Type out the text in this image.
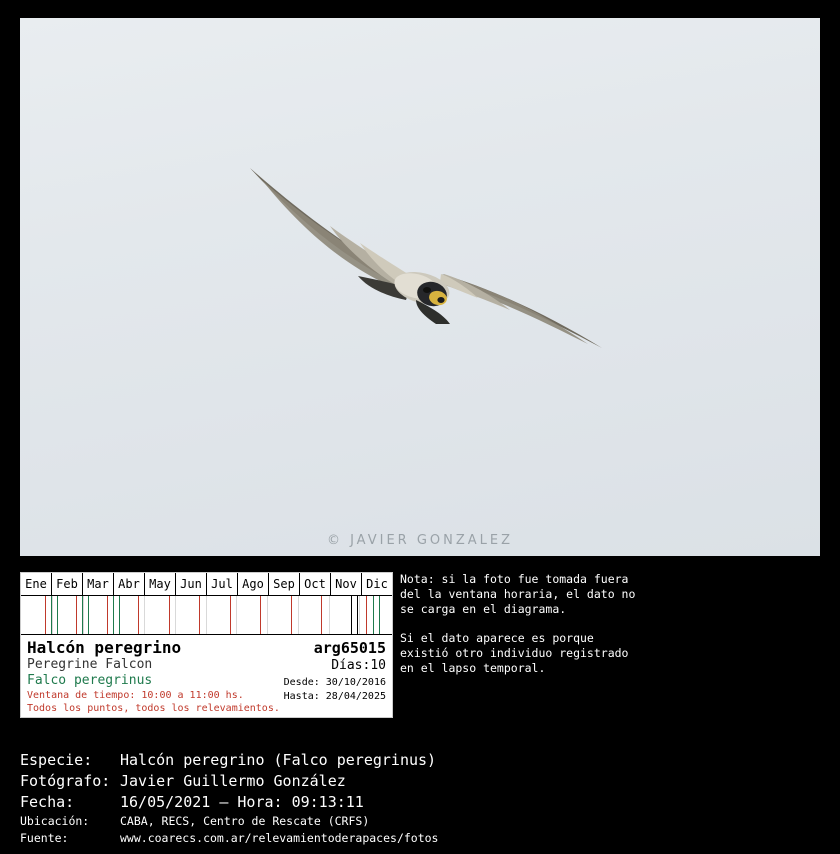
© JAVIER GONZALEZ
Ene Feb Mar Abr May Jun Jul Ago Sep Oct Nov Dic
Halcón peregrino
Peregrine Falcon
Falco peregrinus
Ventana de tiempo: 10:00 a 11:00 hs.
Todos los puntos, todos los relevamientos.
arg65015
Días:10
Desde: 30/10/2016
Hasta: 28/04/2025

Nota: si la foto fue tomada fuera del la ventana horaria, el dato no se carga en el diagrama.

Si el dato aparece es porque existió otro individuo registrado en el lapso temporal.

Especie:	Halcón peregrino (Falco peregrinus)
Fotógrafo: Javier Guillermo González
Fecha:	16/05/2021 – Hora: 09:13:11
Ubicación:	CABA, RECS, Centro de Rescate (CRFS)
Fuente:	www.coarecs.com.ar/relevamientoderapaces/fotos
